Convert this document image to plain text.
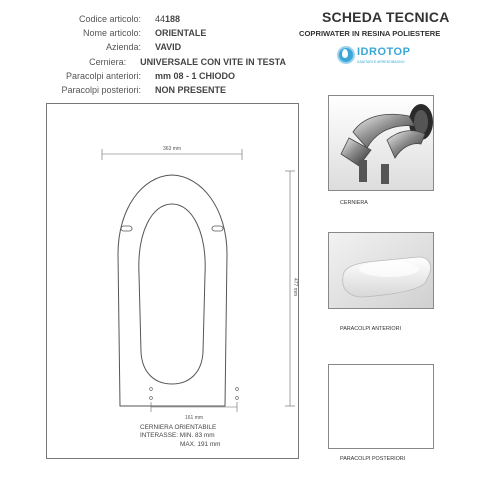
SCHEDA TECNICA
COPRIWATER IN RESINA POLIESTERE
Codice articolo:	44188
Nome articolo:	ORIENTALE
Azienda:	VAVID
Cerniera:	UNIVERSALE CON VITE IN TESTA
Paracolpi anteriori:	mm 08 - 1 CHIODO
Paracolpi posteriori:	NON PRESENTE
IDROTOP
SANITARI E ARREDOBAGNO
363 mm
477 mm
161 mm
CERNIERA ORIENTABILE
INTERASSE: MIN. 83 mm
MAX. 191 mm
CERNIERA
PARACOLPI ANTERIORI
PARACOLPI POSTERIORI
